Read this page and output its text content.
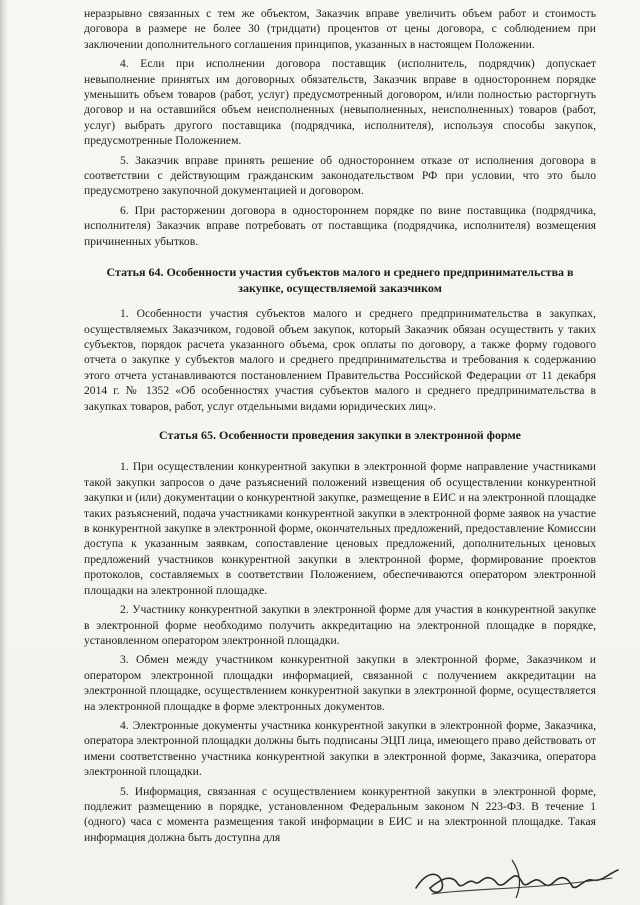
неразрывно связанных с тем же объектом, Заказчик вправе увеличить объем работ и стоимость договора в размере не более 30 (тридцати) процентов от цены договора, с соблюдением при заключении дополнительного соглашения принципов, указанных в настоящем Положении.

4. Если при исполнении договора поставщик (исполнитель, подрядчик) допускает невыполнение принятых им договорных обязательств, Заказчик вправе в одностороннем порядке уменьшить объем товаров (работ, услуг) предусмотренный договором, и/или полностью расторгнуть договор и на оставшийся объем неисполненных (невыполненных, неисполненных) товаров (работ, услуг) выбрать другого поставщика (подрядчика, исполнителя), используя способы закупок, предусмотренные Положением.

5. Заказчик вправе принять решение об одностороннем отказе от исполнения договора в соответствии с действующим гражданским законодательством РФ при условии, что это было предусмотрено закупочной документацией и договором.

6. При расторжении договора в одностороннем порядке по вине поставщика (подрядчика, исполнителя) Заказчик вправе потребовать от поставщика (подрядчика, исполнителя) возмещения причиненных убытков.

Статья 64. Особенности участия субъектов малого и среднего предпринимательства в закупке, осуществляемой заказчиком

1. Особенности участия субъектов малого и среднего предпринимательства в закупках, осуществляемых Заказчиком, годовой объем закупок, который Заказчик обязан осуществить у таких субъектов, порядок расчета указанного объема, срок оплаты по договору, а также форму годового отчета о закупке у субъектов малого и среднего предпринимательства и требования к содержанию этого отчета устанавливаются постановлением Правительства Российской Федерации от 11 декабря 2014 г. № 1352 «Об особенностях участия субъектов малого и среднего предпринимательства в закупках товаров, работ, услуг отдельными видами юридических лиц».

Статья 65. Особенности проведения закупки в электронной форме

1. При осуществлении конкурентной закупки в электронной форме направление участниками такой закупки запросов о даче разъяснений положений извещения об осуществлении конкурентной закупки и (или) документации о конкурентной закупке, размещение в ЕИС и на электронной площадке таких разъяснений, подача участниками конкурентной закупки в электронной форме заявок на участие в конкурентной закупке в электронной форме, окончательных предложений, предоставление Комиссии доступа к указанным заявкам, сопоставление ценовых предложений, дополнительных ценовых предложений участников конкурентной закупки в электронной форме, формирование проектов протоколов, составляемых в соответствии Положением, обеспечиваются оператором электронной площадки на электронной площадке.

2. Участнику конкурентной закупки в электронной форме для участия в конкурентной закупке в электронной форме необходимо получить аккредитацию на электронной площадке в порядке, установленном оператором электронной площадки.

3. Обмен между участником конкурентной закупки в электронной форме, Заказчиком и оператором электронной площадки информацией, связанной с получением аккредитации на электронной площадке, осуществлением конкурентной закупки в электронной форме, осуществляется на электронной площадке в форме электронных документов.

4. Электронные документы участника конкурентной закупки в электронной форме, Заказчика, оператора электронной площадки должны быть подписаны ЭЦП лица, имеющего право действовать от имени соответственно участника конкурентной закупки в электронной форме, Заказчика, оператора электронной площадки.

5. Информация, связанная с осуществлением конкурентной закупки в электронной форме, подлежит размещению в порядке, установленном Федеральным законом N 223-ФЗ. В течение 1 (одного) часа с момента размещения такой информации в ЕИС и на электронной площадке. Такая информация должна быть доступна для
